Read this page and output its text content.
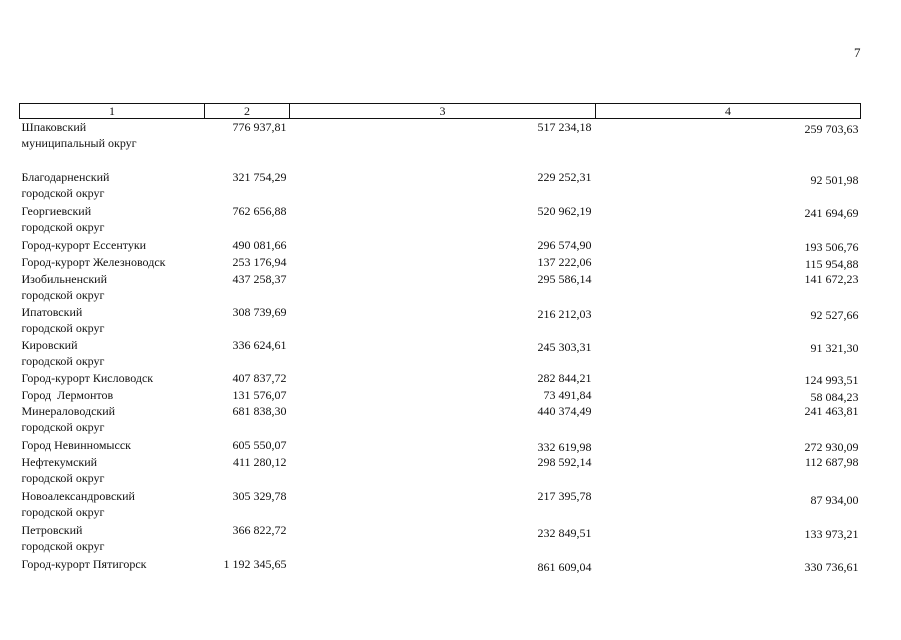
7
1	2	3	4

Шпаковский
муниципальный округ	776 937,81	517 234,18	259 703,63

Благодарненский
городской округ	321 754,29	229 252,31	92 501,98

Георгиевский
городской округ	762 656,88	520 962,19	241 694,69
Город-курорт Ессентуки	490 081,66	296 574,90	193 506,76
Город-курорт Железноводск	253 176,94	137 222,06	115 954,88

Изобильненский
городской округ	437 258,37	295 586,14	141 672,23

Ипатовский
городской округ	308 739,69	216 212,03	92 527,66

Кировский
городской округ	336 624,61	245 303,31	91 321,30
Город-курорт Кисловодск	407 837,72	282 844,21	124 993,51
Город  Лермонтов	131 576,07	73 491,84	58 084,23

Минераловодский
городской округ	681 838,30	440 374,49	241 463,81
Город Невинномысск	605 550,07	332 619,98	272 930,09

Нефтекумский
городской округ	411 280,12	298 592,14	112 687,98

Новоалександровский
городской округ	305 329,78	217 395,78	87 934,00

Петровский
городской округ	366 822,72	232 849,51	133 973,21
Город-курорт Пятигорск	1 192 345,65	861 609,04	330 736,61
